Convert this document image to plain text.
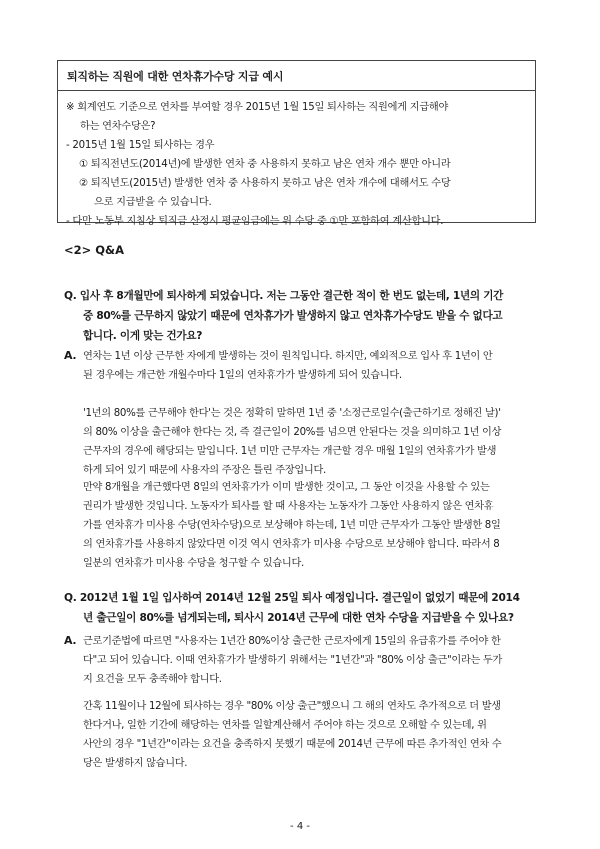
퇴직하는 직원에 대한 연차휴가수당 지급 예시
※ 회계연도 기준으로 연차를 부여할 경우 2015년 1월 15일 퇴사하는 직원에게 지급해야
하는 연차수당은?
- 2015년 1월 15일 퇴사하는 경우
① 퇴직전년도(2014년)에 발생한 연차 중 사용하지 못하고 남은 연차 개수 뿐만 아니라
② 퇴직년도(2015년) 발생한 연차 중 사용하지 못하고 남은 연차 개수에 대해서도 수당
으로 지급받을 수 있습니다.
- 다만 노동부 지침상 퇴직금 산정시 평균임금에는 위 수당 중 ①만 포함하여 계산합니다.
<2> Q&A
Q. 입사 후 8개월만에 퇴사하게 되었습니다. 저는 그동안 결근한 적이 한 번도 없는데, 1년의 기간
중 80%를 근무하지 않았기 때문에 연차휴가가 발생하지 않고 연차휴가수당도 받을 수 없다고
합니다. 이게 맞는 건가요?
A. 연차는 1년 이상 근무한 자에게 발생하는 것이 원칙입니다. 하지만, 예외적으로 입사 후 1년이 안
된 경우에는 개근한 개월수마다 1일의 연차휴가가 발생하게 되어 있습니다.
'1년의 80%를 근무해야 한다'는 것은 정확히 말하면 1년 중 '소정근로일수(출근하기로 정해진 날)'
의 80% 이상을 출근해야 한다는 것, 즉 결근일이 20%를 넘으면 안된다는 것을 의미하고 1년 이상
근무자의 경우에 해당되는 말입니다. 1년 미만 근무자는 개근할 경우 매월 1일의 연차휴가가 발생
하게 되어 있기 때문에 사용자의 주장은 틀린 주장입니다.
만약 8개월을 개근했다면 8일의 연차휴가가 이미 발생한 것이고, 그 동안 이것을 사용할 수 있는
권리가 발생한 것입니다. 노동자가 퇴사를 할 때 사용자는 노동자가 그동안 사용하지 않은 연차휴
가를 연차휴가 미사용 수당(연차수당)으로 보상해야 하는데, 1년 미만 근무자가 그동안 발생한 8일
의 연차휴가를 사용하지 않았다면 이것 역시 연차휴가 미사용 수당으로 보상해야 합니다. 따라서 8
일분의 연차휴가 미사용 수당을 청구할 수 있습니다.
Q. 2012년 1월 1일 입사하여 2014년 12월 25일 퇴사 예정입니다. 결근일이 없었기 때문에 2014
년 출근일이 80%를 넘게되는데, 퇴사시 2014년 근무에 대한 연차 수당을 지급받을 수 있나요?
A. 근로기준법에 따르면 "사용자는 1년간 80%이상 출근한 근로자에게 15일의 유급휴가를 주어야 한
다"고 되어 있습니다. 이때 연차휴가가 발생하기 위해서는 "1년간"과 "80% 이상 출근"이라는 두가
지 요건을 모두 충족해야 합니다.
간혹 11월이나 12월에 퇴사하는 경우 "80% 이상 출근"했으니 그 해의 연차도 추가적으로 더 발생
한다거나, 일한 기간에 해당하는 연차를 일할계산해서 주어야 하는 것으로 오해할 수 있는데, 위
사안의 경우 "1년간"이라는 요건을 충족하지 못했기 때문에 2014년 근무에 따른 추가적인 연차 수
당은 발생하지 않습니다.
- 4 -
